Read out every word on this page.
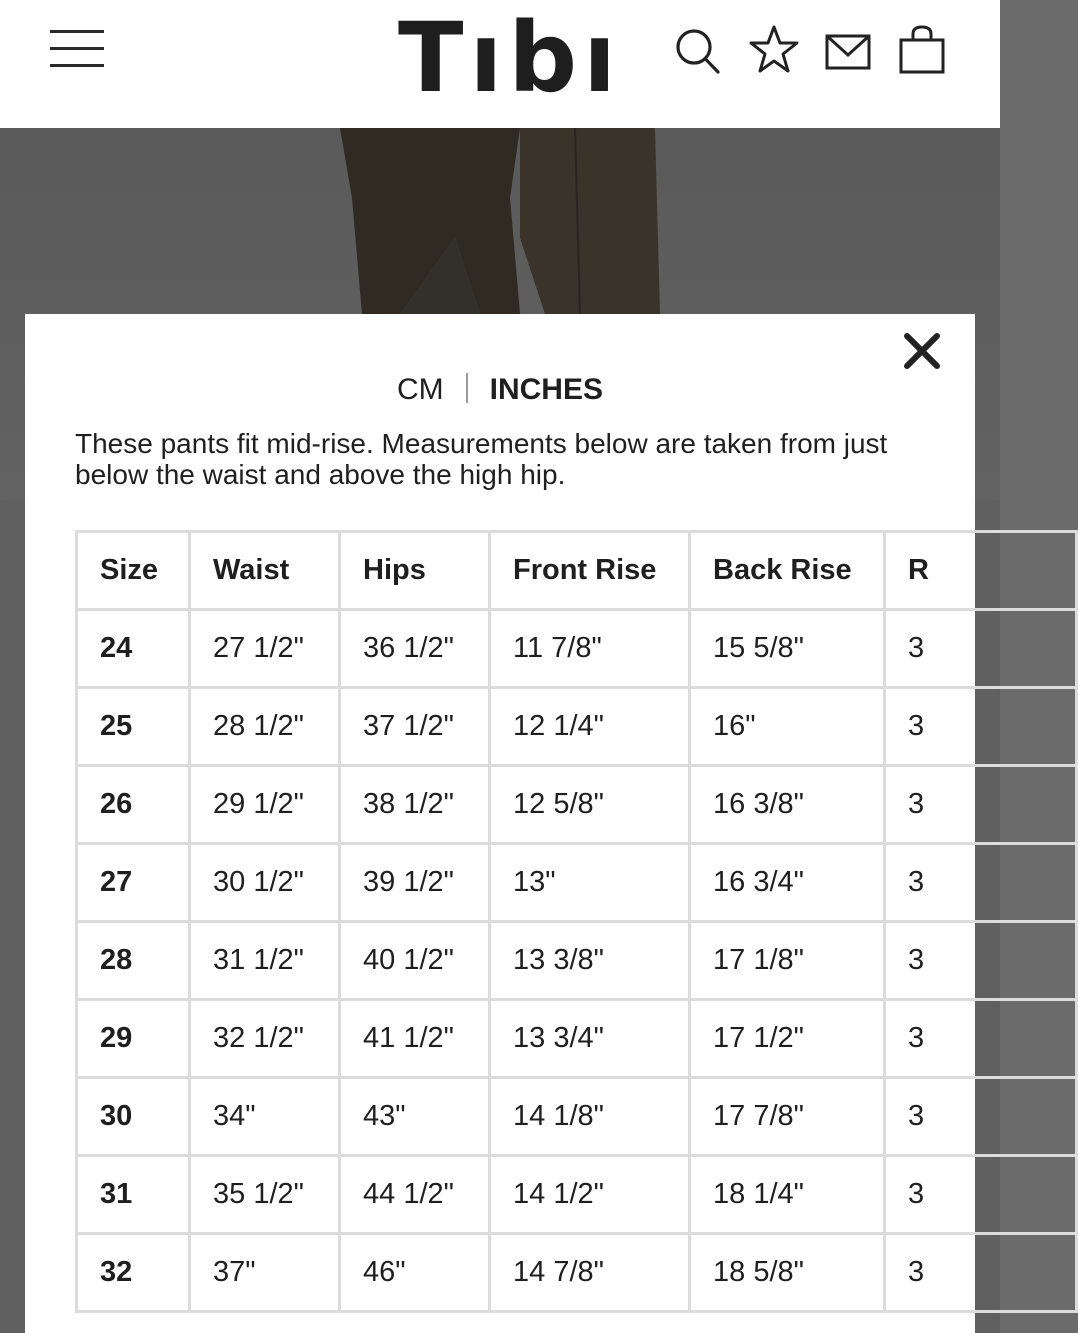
Tıbı
CM INCHES
These pants fit mid-rise. Measurements below are taken from just below the waist and above the high hip.
Size	Waist	Hips	Front Rise	Back Rise	R
24	27 1/2"	36 1/2"	11 7/8"	15 5/8"	3
25	28 1/2"	37 1/2"	12 1/4"	16"	3
26	29 1/2"	38 1/2"	12 5/8"	16 3/8"	3
27	30 1/2"	39 1/2"	13"	16 3/4"	3
28	31 1/2"	40 1/2"	13 3/8"	17 1/8"	3
29	32 1/2"	41 1/2"	13 3/4"	17 1/2"	3
30	34"	43"	14 1/8"	17 7/8"	3
31	35 1/2"	44 1/2"	14 1/2"	18 1/4"	3
32	37"	46"	14 7/8"	18 5/8"	3
